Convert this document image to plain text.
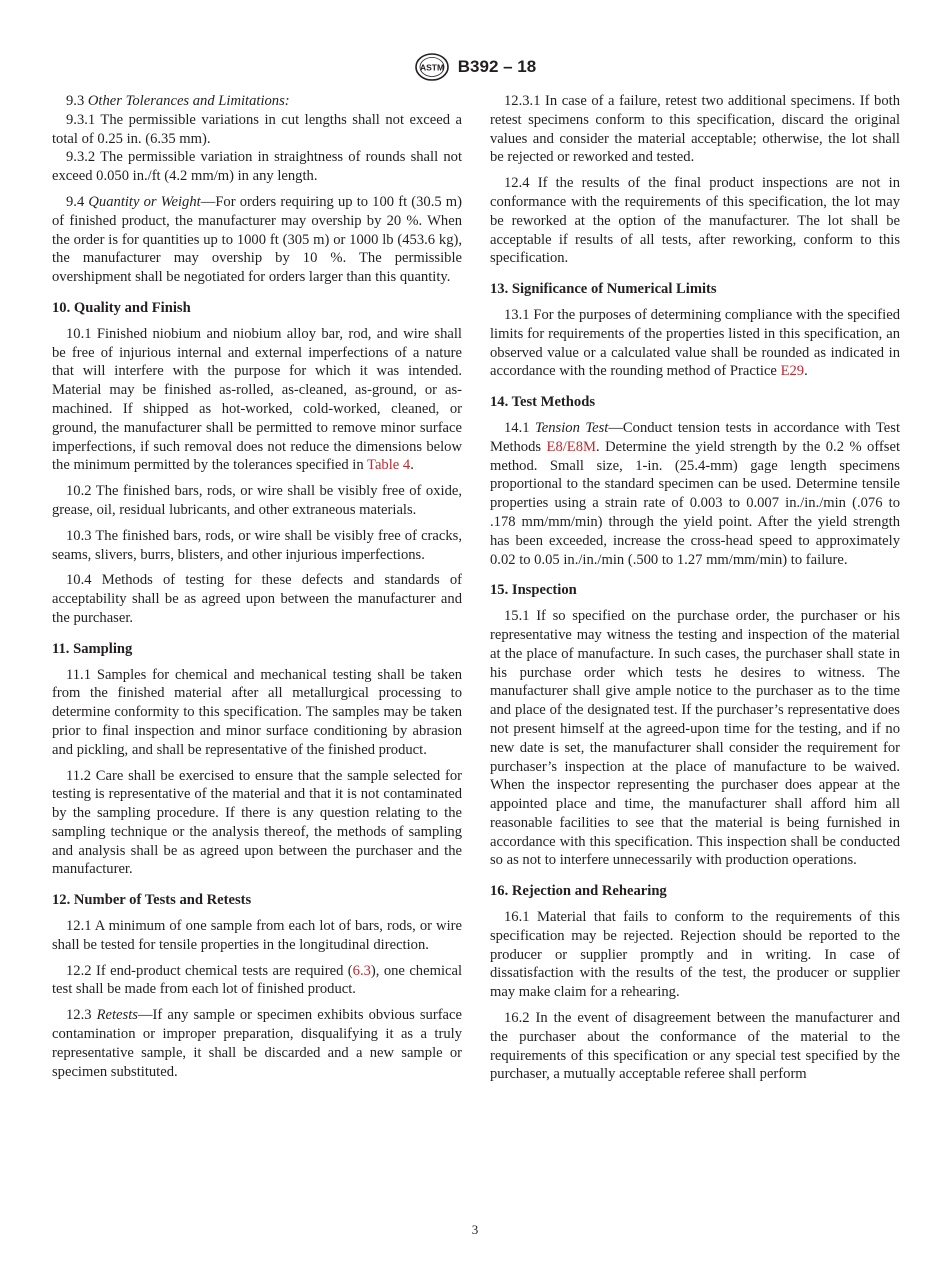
ASTM B392 – 18

9.3 Other Tolerances and Limitations:

9.3.1 The permissible variations in cut lengths shall not exceed a total of 0.25 in. (6.35 mm).

9.3.2 The permissible variation in straightness of rounds shall not exceed 0.050 in./ft (4.2 mm/m) in any length.

9.4 Quantity or Weight—For orders requiring up to 100 ft (30.5 m) of finished product, the manufacturer may overship by 20 %. When the order is for quantities up to 1000 ft (305 m) or 1000 lb (453.6 kg), the manufacturer may overship by 10 %. The permissible overshipment shall be negotiated for orders larger than this quantity.

10. Quality and Finish

10.1 Finished niobium and niobium alloy bar, rod, and wire shall be free of injurious internal and external imperfections of a nature that will interfere with the purpose for which it was intended. Material may be finished as-rolled, as-cleaned, as-ground, or as-machined. If shipped as hot-worked, cold-worked, cleaned, or ground, the manufacturer shall be permitted to remove minor surface imperfections, if such removal does not reduce the dimensions below the minimum permitted by the tolerances specified in Table 4.

10.2 The finished bars, rods, or wire shall be visibly free of oxide, grease, oil, residual lubricants, and other extraneous materials.

10.3 The finished bars, rods, or wire shall be visibly free of cracks, seams, slivers, burrs, blisters, and other injurious imperfections.

10.4 Methods of testing for these defects and standards of acceptability shall be as agreed upon between the manufacturer and the purchaser.

11. Sampling

11.1 Samples for chemical and mechanical testing shall be taken from the finished material after all metallurgical processing to determine conformity to this specification. The samples may be taken prior to final inspection and minor surface conditioning by abrasion and pickling, and shall be representative of the finished product.

11.2 Care shall be exercised to ensure that the sample selected for testing is representative of the material and that it is not contaminated by the sampling procedure. If there is any question relating to the sampling technique or the analysis thereof, the methods of sampling and analysis shall be as agreed upon between the purchaser and the manufacturer.

12. Number of Tests and Retests

12.1 A minimum of one sample from each lot of bars, rods, or wire shall be tested for tensile properties in the longitudinal direction.

12.2 If end-product chemical tests are required (6.3), one chemical test shall be made from each lot of finished product.

12.3 Retests—If any sample or specimen exhibits obvious surface contamination or improper preparation, disqualifying it as a truly representative sample, it shall be discarded and a new sample or specimen substituted.

12.3.1 In case of a failure, retest two additional specimens. If both retest specimens conform to this specification, discard the original values and consider the material acceptable; otherwise, the lot shall be rejected or reworked and tested.

12.4 If the results of the final product inspections are not in conformance with the requirements of this specification, the lot may be reworked at the option of the manufacturer. The lot shall be acceptable if results of all tests, after reworking, conform to this specification.

13. Significance of Numerical Limits

13.1 For the purposes of determining compliance with the specified limits for requirements of the properties listed in this specification, an observed value or a calculated value shall be rounded as indicated in accordance with the rounding method of Practice E29.

14. Test Methods

14.1 Tension Test—Conduct tension tests in accordance with Test Methods E8/E8M. Determine the yield strength by the 0.2 % offset method. Small size, 1-in. (25.4-mm) gage length specimens proportional to the standard specimen can be used. Determine tensile properties using a strain rate of 0.003 to 0.007 in./in./min (.076 to .178 mm/mm/min) through the yield point. After the yield strength has been exceeded, increase the cross-head speed to approximately 0.02 to 0.05 in./in./min (.500 to 1.27 mm/mm/min) to failure.

15. Inspection

15.1 If so specified on the purchase order, the purchaser or his representative may witness the testing and inspection of the material at the place of manufacture. In such cases, the purchaser shall state in his purchase order which tests he desires to witness. The manufacturer shall give ample notice to the purchaser as to the time and place of the designated test. If the purchaser’s representative does not present himself at the agreed-upon time for the testing, and if no new date is set, the manufacturer shall consider the requirement for purchaser’s inspection at the place of manufacture to be waived. When the inspector representing the purchaser does appear at the appointed place and time, the manufacturer shall afford him all reasonable facilities to see that the material is being furnished in accordance with this specification. This inspection shall be conducted so as not to interfere unnecessarily with production operations.

16. Rejection and Rehearing

16.1 Material that fails to conform to the requirements of this specification may be rejected. Rejection should be reported to the producer or supplier promptly and in writing. In case of dissatisfaction with the results of the test, the producer or supplier may make claim for a rehearing.

16.2 In the event of disagreement between the manufacturer and the purchaser about the conformance of the material to the requirements of this specification or any special test specified by the purchaser, a mutually acceptable referee shall perform

3
